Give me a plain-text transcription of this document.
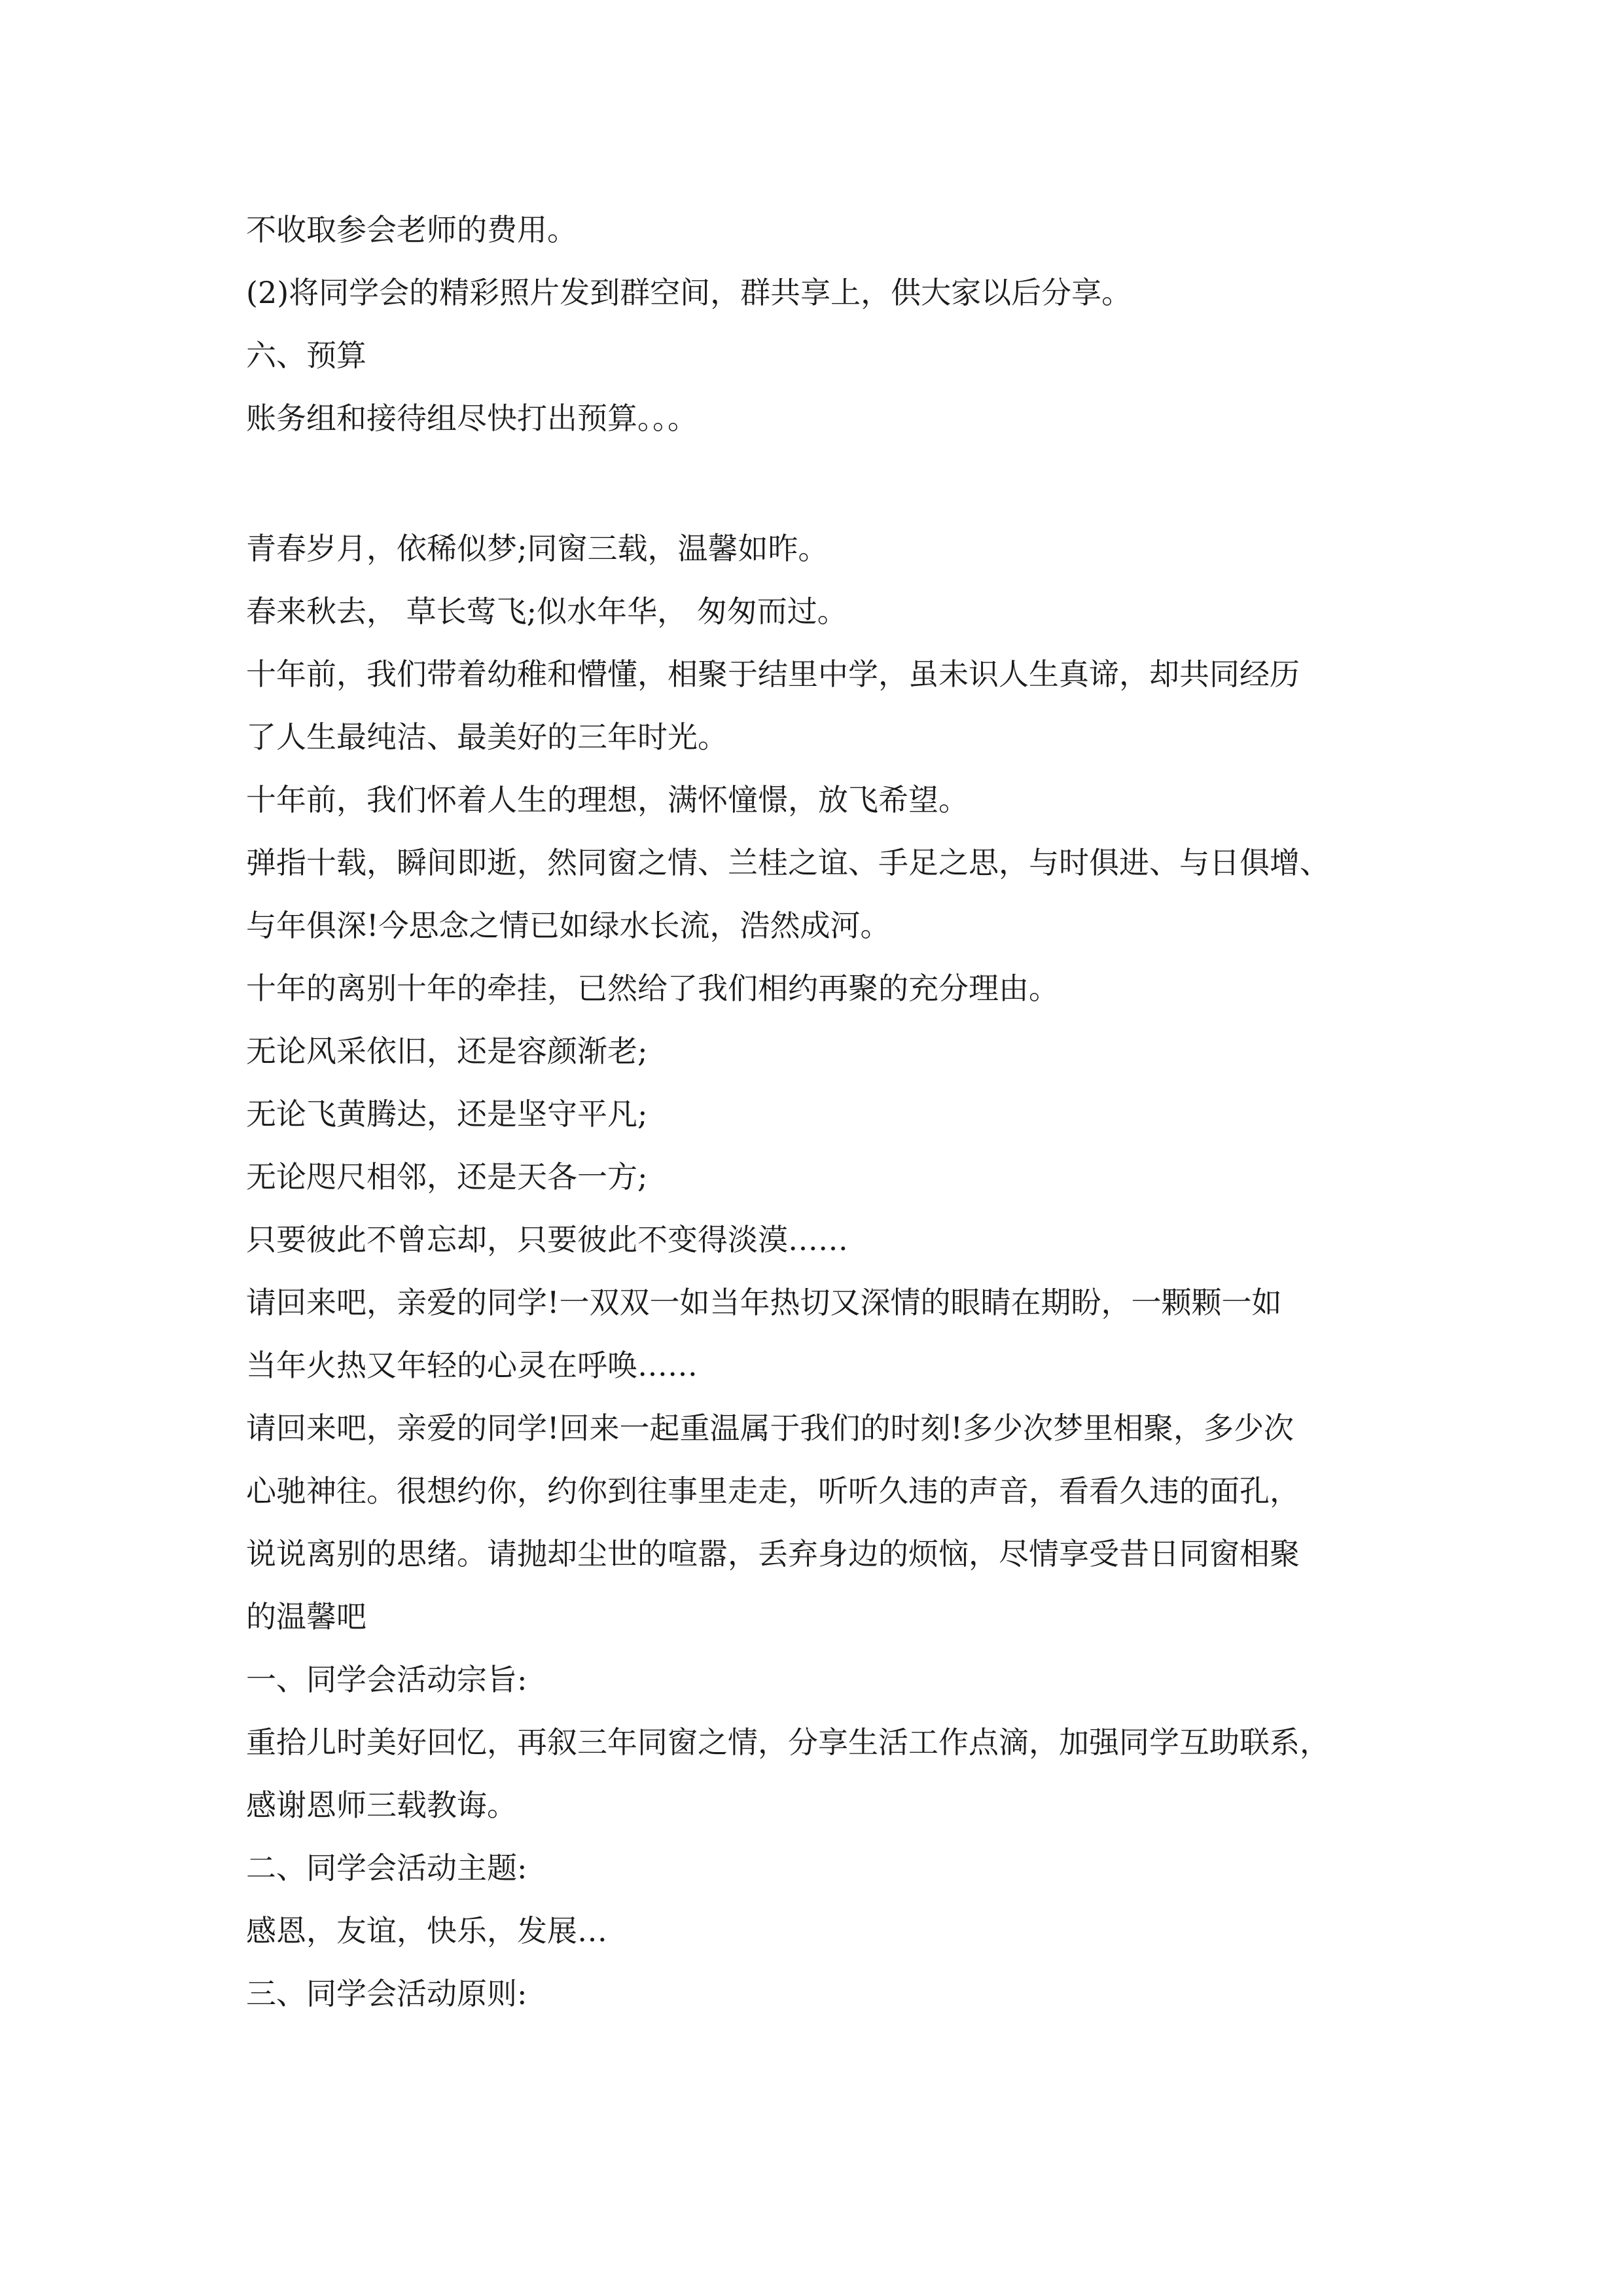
不收取参会老师的费用。
(2)将同学会的精彩照片发到群空间，群共享上，供大家以后分享。
六、预算
账务组和接待组尽快打出预算。。。
青春岁月，依稀似梦;同窗三载，温馨如昨。
春来秋去， 草长莺飞;似水年华， 匆匆而过。
十年前，我们带着幼稚和懵懂，相聚于结里中学，虽未识人生真谛，却共同经历
了人生最纯洁、最美好的三年时光。
十年前，我们怀着人生的理想，满怀憧憬，放飞希望。
弹指十载，瞬间即逝，然同窗之情、兰桂之谊、手足之思，与时俱进、与日俱增、
与年俱深!今思念之情已如绿水长流，浩然成河。
十年的离别十年的牵挂，已然给了我们相约再聚的充分理由。
无论风采依旧，还是容颜渐老;
无论飞黄腾达，还是坚守平凡;
无论咫尺相邻，还是天各一方;
只要彼此不曾忘却，只要彼此不变得淡漠……
请回来吧，亲爱的同学!一双双一如当年热切又深情的眼睛在期盼，一颗颗一如
当年火热又年轻的心灵在呼唤……
请回来吧，亲爱的同学!回来一起重温属于我们的时刻!多少次梦里相聚，多少次
心驰神往。很想约你，约你到往事里走走，听听久违的声音，看看久违的面孔，
说说离别的思绪。请抛却尘世的喧嚣，丢弃身边的烦恼，尽情享受昔日同窗相聚
的温馨吧
一、同学会活动宗旨:
重拾儿时美好回忆，再叙三年同窗之情，分享生活工作点滴，加强同学互助联系，
感谢恩师三载教诲。
二、同学会活动主题:
感恩，友谊，快乐，发展…
三、同学会活动原则:
